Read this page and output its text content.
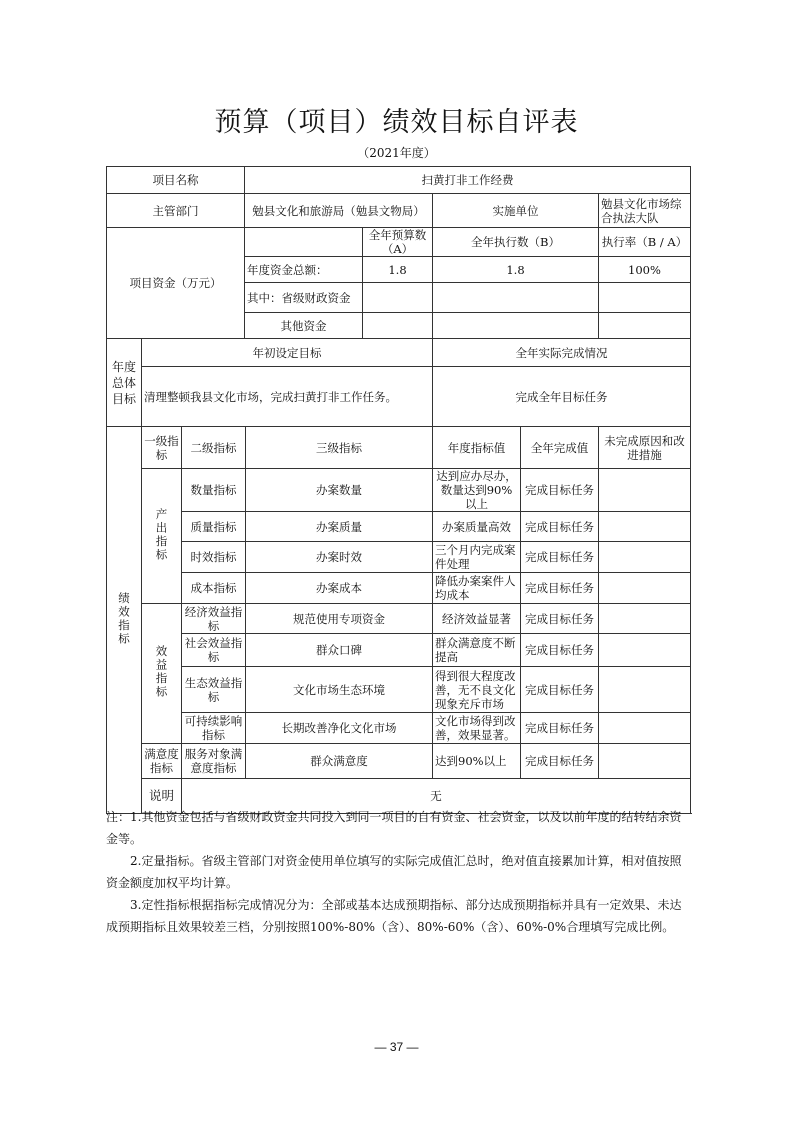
预算（项目）绩效目标自评表
（2021年度）
项目名称	扫黄打非工作经费			
主管部门	勉县文化和旅游局（勉县文物局）		实施单位	勉县文化市场综合执法大队
项目资金（万元）		全年预算数（A）	全年执行数（B）	执行率（B / A）
	年度资金总额：	1.8	1.8	100%
	其中：省级财政资金			
	其他资金			
年度总体目标	年初设定目标	全年实际完成情况
	清理整顿我县文化市场，完成扫黄打非工作任务。	完成全年目标任务
绩效指标	一级指标	二级指标	三级指标	年度指标值	全年完成值	未完成原因和改进措施
	产出指标	数量指标	办案数量	达到应办尽办，数量达到90%以上	完成目标任务	
		质量指标	办案质量	办案质量高效	完成目标任务	
		时效指标	办案时效	三个月内完成案件处理	完成目标任务	
		成本指标	办案成本	降低办案案件人均成本	完成目标任务	
	效益指标	经济效益指标	规范使用专项资金	经济效益显著	完成目标任务	
		社会效益指标	群众口碑	群众满意度不断提高	完成目标任务	
		生态效益指标	文化市场生态环境	得到很大程度改善，无不良文化现象充斥市场	完成目标任务	
		可持续影响指标	长期改善净化文化市场	文化市场得到改善，效果显著。	完成目标任务	
	满意度指标	服务对象满意度指标	群众满意度	达到90%以上	完成目标任务	
	说明	无				

注：1.其他资金包括与省级财政资金共同投入到同一项目的自有资金、社会资金，以及以前年度的结转结余资金等。

2.定量指标。省级主管部门对资金使用单位填写的实际完成值汇总时，绝对值直接累加计算，相对值按照资金额度加权平均计算。

3.定性指标根据指标完成情况分为：全部或基本达成预期指标、部分达成预期指标并具有一定效果、未达成预期指标且效果较差三档，分别按照100%-80%（含）、80%-60%（含）、60%-0%合理填写完成比例。

— 37 —
